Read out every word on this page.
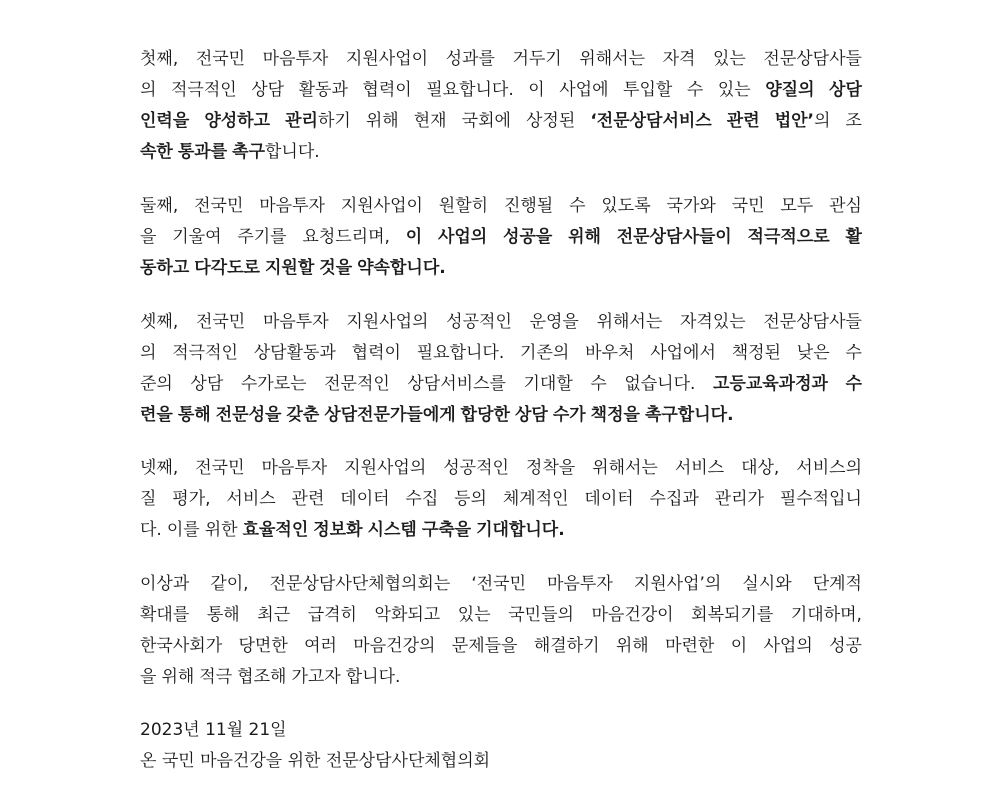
첫째, 전국민 마음투자 지원사업이 성과를 거두기 위해서는 자격 있는 전문상담사들
의 적극적인 상담 활동과 협력이 필요합니다. 이 사업에 투입할 수 있는 양질의 상담
인력을 양성하고 관리하기 위해 현재 국회에 상정된 ‘전문상담서비스 관련 법안’의 조
속한 통과를 촉구합니다.
둘째, 전국민 마음투자 지원사업이 원할히 진행될 수 있도록 국가와 국민 모두 관심
을 기울여 주기를 요청드리며, 이 사업의 성공을 위해 전문상담사들이 적극적으로 활
동하고 다각도로 지원할 것을 약속합니다.
셋째, 전국민 마음투자 지원사업의 성공적인 운영을 위해서는 자격있는 전문상담사들
의 적극적인 상담활동과 협력이 필요합니다. 기존의 바우처 사업에서 책정된 낮은 수
준의 상담 수가로는 전문적인 상담서비스를 기대할 수 없습니다. 고등교육과정과 수
련을 통해 전문성을 갖춘 상담전문가들에게 합당한 상담 수가 책정을 촉구합니다.
넷째, 전국민 마음투자 지원사업의 성공적인 정착을 위해서는 서비스 대상, 서비스의
질 평가, 서비스 관련 데이터 수집 등의 체계적인 데이터 수집과 관리가 필수적입니
다. 이를 위한 효율적인 정보화 시스템 구축을 기대합니다.
이상과 같이, 전문상담사단체협의회는 ‘전국민 마음투자 지원사업’의 실시와 단계적
확대를 통해 최근 급격히 악화되고 있는 국민들의 마음건강이 회복되기를 기대하며,
한국사회가 당면한 여러 마음건강의 문제들을 해결하기 위해 마련한 이 사업의 성공
을 위해 적극 협조해 가고자 합니다.
2023년 11월 21일
온 국민 마음건강을 위한 전문상담사단체협의회
